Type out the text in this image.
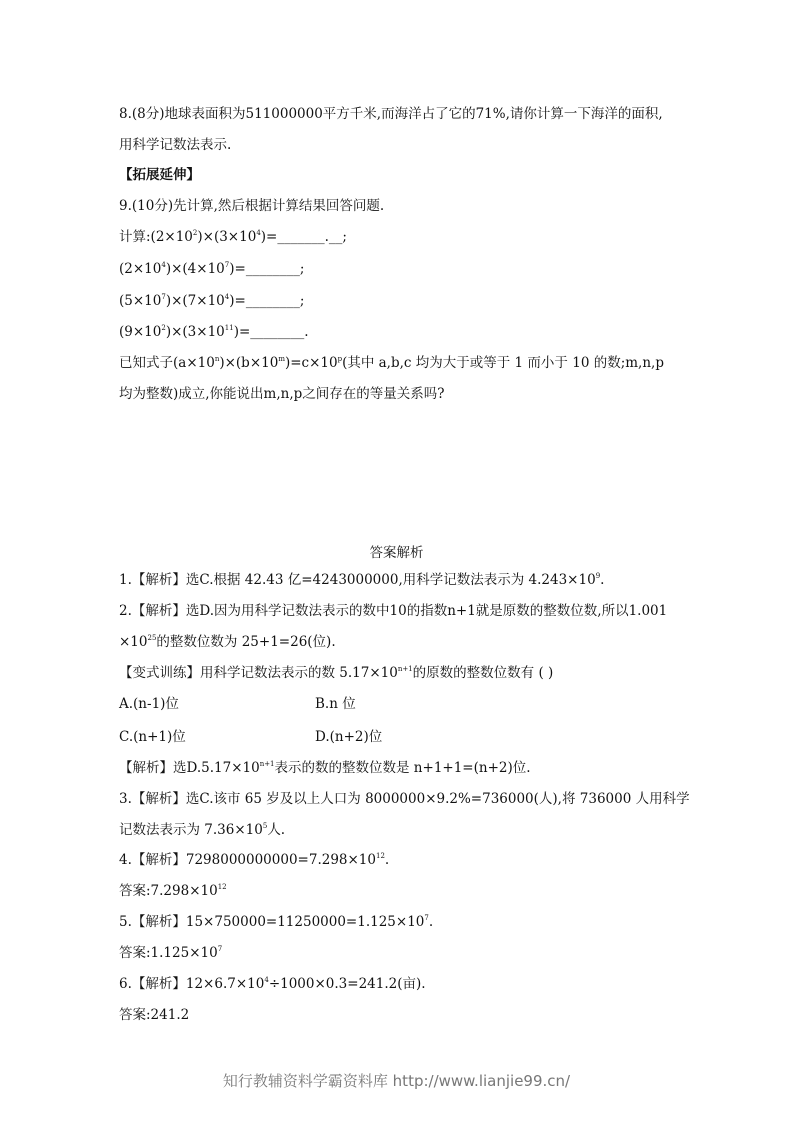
8.(8分)地球表面积为511000000平方千米,而海洋占了它的71%,请你计算一下海洋的面积,
用科学记数法表示.
【拓展延伸】
9.(10分)先计算,然后根据计算结果回答问题.
计算$:(2\times 10^2)\times(3\times 10^4)=\_\_\_\_\_\_\_.\_\_$;
$(2\times 10^4)\times(4\times 10^7)=\_\_\_\_\_\_\_\_$;
$(5\times 10^7)\times(7\times 10^4)=\_\_\_\_\_\_\_\_$;
$(9\times 10^2)\times(3\times 10^{11})=\_\_\_\_\_\_\_\_$.
已知式子$(a\times 10^n)\times(b\times 10^m)=c\times 10^p$(其中 a,b,c 均为大于或等于 1 而小于 10 的数;m,n,p
均为整数)成立,你能说出m,n,p之间存在的等量关系吗?
答案解析
1.【解析】选C.根据 42.43 亿=4243000000,用科学记数法表示为 $4.243\times 10^9$.
2.【解析】选D.因为用科学记数法表示的数中10的指数n+1就是原数的整数位数,所以1.001
$\times 10^{25}$的整数位数为 25+1=26(位).
【变式训练】用科学记数法表示的数 $5.17\times 10^{n+1}$的原数的整数位数有 ( )
A.(n-1)位	B.n 位
C.(n+1)位	D.(n+2)位
【解析】选$D.5.17\times 10^{n+1}$表示的数的整数位数是 n+1+1=(n+2)位.
3.【解析】选C.该市 65 岁及以上人口为 8000000×9.2%=736000(人),将 736000 人用科学
记数法表示为 $7.36\times 10^5$人.
4.【解析】$7298000000000=7.298\times 10^{12}$.
答案$:7.298\times 10^{12}$
5.【解析】$15\times 750000=11250000=1.125\times 10^7$.
答案$:1.125\times 10^7$
6.【解析】$12\times 6.7\times 10^4\div 1000\times 0.3=241.2$(亩).
答案:241.2
知行教辅资料学霸资料库 http://www.lianjie99.cn/
